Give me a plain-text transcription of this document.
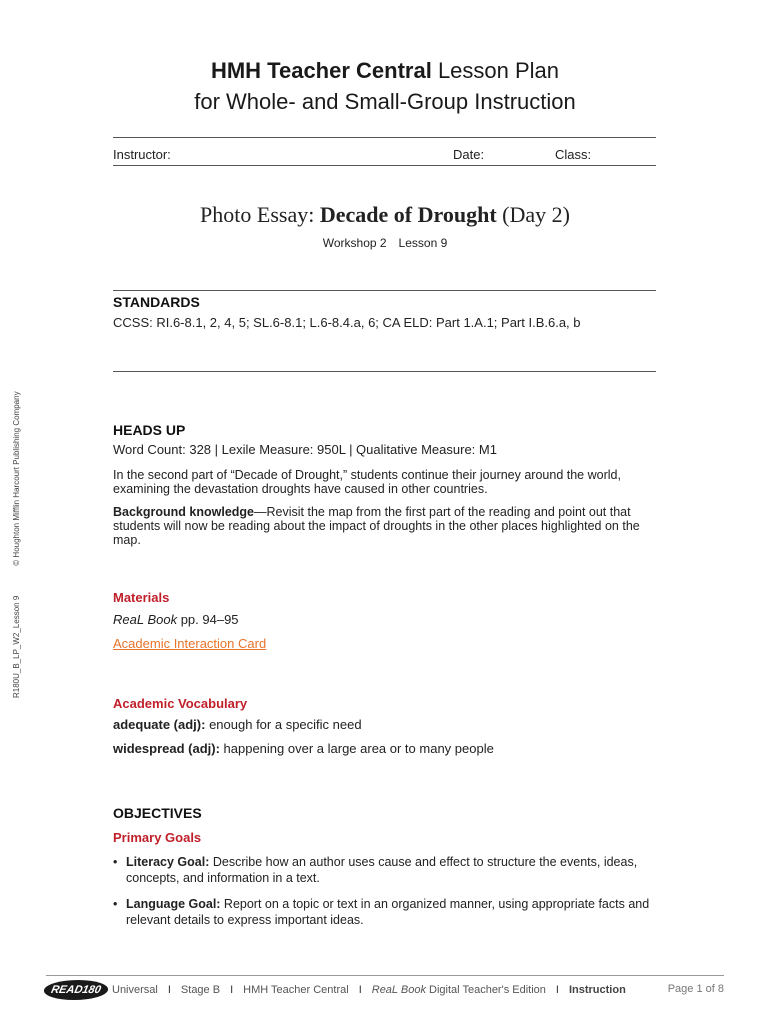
HMH Teacher Central Lesson Plan
for Whole- and Small-Group Instruction
Instructor:	Date:	Class:
Photo Essay: Decade of Drought (Day 2)
Workshop 2 Lesson 9
R180U_B_LP_W2_Lesson 9© Houghton Mifflin Harcourt Publishing Company
STANDARDS
CCSS: RI.6-8.1, 2, 4, 5; SL.6-8.1; L.6-8.4.a, 6; CA ELD: Part 1.A.1; Part I.B.6.a, b
HEADS UP
Word Count: 328 | Lexile Measure: 950L | Qualitative Measure: M1
In the second part of “Decade of Drought,” students continue their journey around the world, examining the devastation droughts have caused in other countries.
Background knowledge—Revisit the map from the first part of the reading and point out that students will now be reading about the impact of droughts in the other places highlighted on the map.
Materials
ReaL Book pp. 94–95
Academic Interaction Card
Academic Vocabulary
adequate (adj): enough for a specific need
widespread (adj): happening over a large area or to many people
OBJECTIVES
Primary Goals
• Literacy Goal: Describe how an author uses cause and effect to structure the events, ideas, concepts, and information in a text.
• Language Goal: Report on a topic or text in an organized manner, using appropriate facts and relevant details to express important ideas.
READ180 Universal I Stage B I HMH Teacher Central I ReaL Book Digital Teacher's Edition I Instruction	Page 1 of 8
